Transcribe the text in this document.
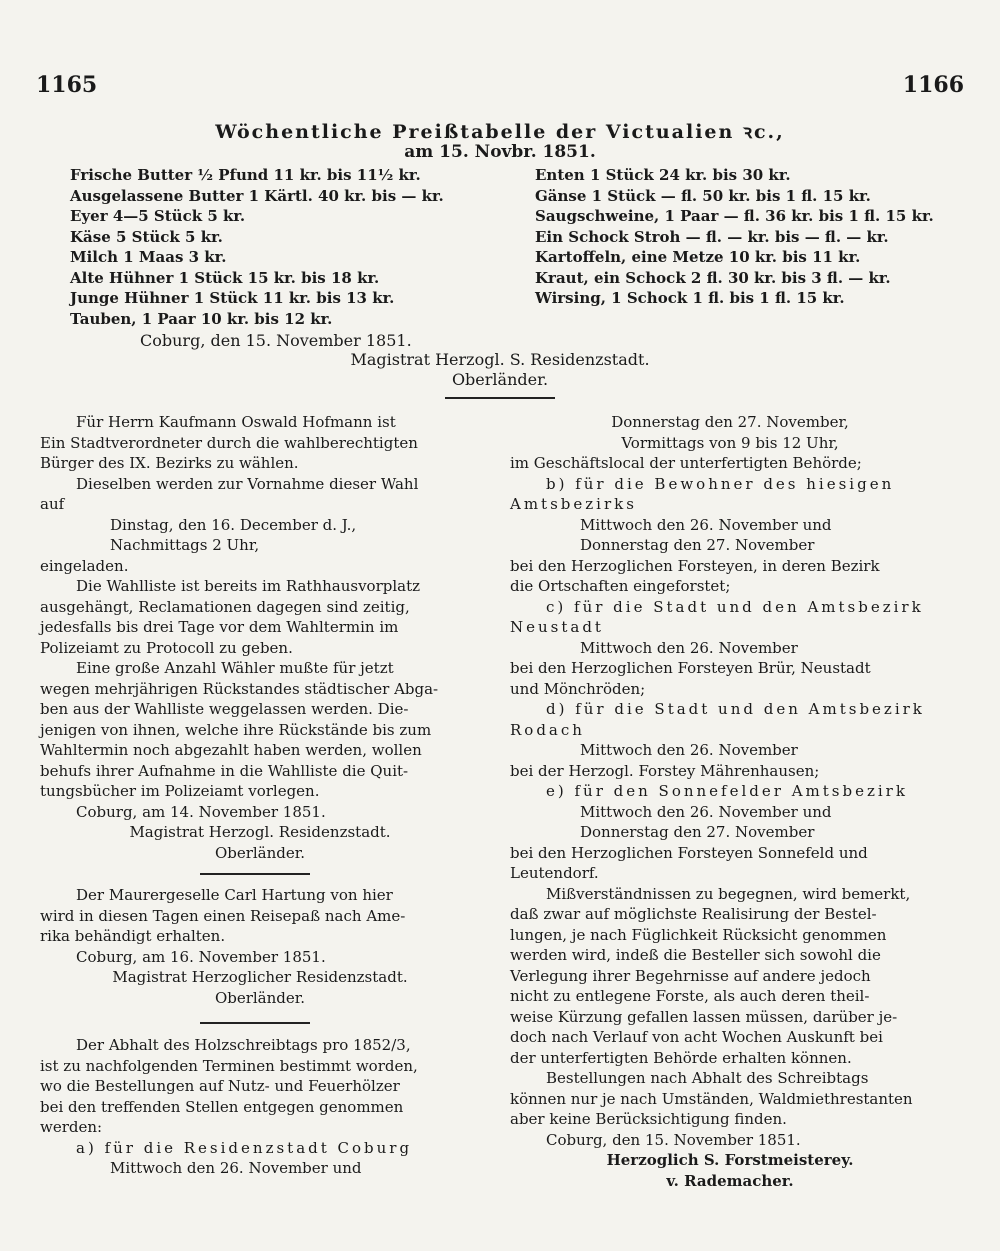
1165	1166
Wöchentliche Preißtabelle der Victualien ꝛc.,
am 15. Novbr. 1851.
Frische Butter ½ Pfund 11 kr. bis 11½ kr.
Ausgelassene Butter 1 Kärtl. 40 kr. bis — kr.
Eyer 4—5 Stück 5 kr.
Käse 5 Stück 5 kr.
Milch 1 Maas 3 kr.
Alte Hühner 1 Stück 15 kr. bis 18 kr.
Junge Hühner 1 Stück 11 kr. bis 13 kr.
Tauben, 1 Paar 10 kr. bis 12 kr.
Enten 1 Stück 24 kr. bis 30 kr.
Gänse 1 Stück — fl. 50 kr. bis 1 fl. 15 kr.
Saugschweine, 1 Paar — fl. 36 kr. bis 1 fl. 15 kr.
Ein Schock Stroh — fl. — kr. bis — fl. — kr.
Kartoffeln, eine Metze 10 kr. bis 11 kr.
Kraut, ein Schock 2 fl. 30 kr. bis 3 fl. — kr.
Wirsing, 1 Schock 1 fl. bis 1 fl. 15 kr.
Coburg, den 15. November 1851.
Magistrat Herzogl. S. Residenzstadt.
Oberländer.

Für Herrn Kaufmann Oswald Hofmann ist

Ein Stadtverordneter durch die wahlberechtigten

Bürger des IX. Bezirks zu wählen.

Dieselben werden zur Vornahme dieser Wahl

auf

Dinstag, den 16. December d. J.,

Nachmittags 2 Uhr,

eingeladen.

Die Wahlliste ist bereits im Rathhausvorplatz

ausgehängt, Reclamationen dagegen sind zeitig,

jedesfalls bis drei Tage vor dem Wahltermin im

Polizeiamt zu Protocoll zu geben.

Eine große Anzahl Wähler mußte für jetzt

wegen mehrjährigen Rückstandes städtischer Abga-

ben aus der Wahlliste weggelassen werden. Die-

jenigen von ihnen, welche ihre Rückstände bis zum

Wahltermin noch abgezahlt haben werden, wollen

behufs ihrer Aufnahme in die Wahlliste die Quit-

tungsbücher im Polizeiamt vorlegen.

Coburg, am 14. November 1851.

Magistrat Herzogl. Residenzstadt.

Oberländer.

Der Maurergeselle Carl Hartung von hier

wird in diesen Tagen einen Reisepaß nach Ame-

rika behändigt erhalten.

Coburg, am 16. November 1851.

Magistrat Herzoglicher Residenzstadt.

Oberländer.

Der Abhalt des Holzschreibtags pro 1852/3,

ist zu nachfolgenden Terminen bestimmt worden,

wo die Bestellungen auf Nutz- und Feuerhölzer

bei den treffenden Stellen entgegen genommen

werden:

a) für die Residenzstadt Coburg

Mittwoch den 26. November und

Donnerstag den 27. November,

Vormittags von 9 bis 12 Uhr,

im Geschäftslocal der unterfertigten Behörde;

b) für die Bewohner des hiesigen

Amtsbezirks

Mittwoch den 26. November und

Donnerstag den 27. November

bei den Herzoglichen Forsteyen, in deren Bezirk

die Ortschaften eingeforstet;

c) für die Stadt und den Amtsbezirk

Neustadt

Mittwoch den 26. November

bei den Herzoglichen Forsteyen Brür, Neustadt

und Mönchröden;

d) für die Stadt und den Amtsbezirk

Rodach

Mittwoch den 26. November

bei der Herzogl. Forstey Mährenhausen;

e) für den Sonnefelder Amtsbezirk

Mittwoch den 26. November und

Donnerstag den 27. November

bei den Herzoglichen Forsteyen Sonnefeld und

Leutendorf.

Mißverständnissen zu begegnen, wird bemerkt,

daß zwar auf möglichste Realisirung der Bestel-

lungen, je nach Füglichkeit Rücksicht genommen

werden wird, indeß die Besteller sich sowohl die

Verlegung ihrer Begehrnisse auf andere jedoch

nicht zu entlegene Forste, als auch deren theil-

weise Kürzung gefallen lassen müssen, darüber je-

doch nach Verlauf von acht Wochen Auskunft bei

der unterfertigten Behörde erhalten können.

Bestellungen nach Abhalt des Schreibtags

können nur je nach Umständen, Waldmiethrestanten

aber keine Berücksichtigung finden.

Coburg, den 15. November 1851.

Herzoglich S. Forstmeisterey.

v. Rademacher.
